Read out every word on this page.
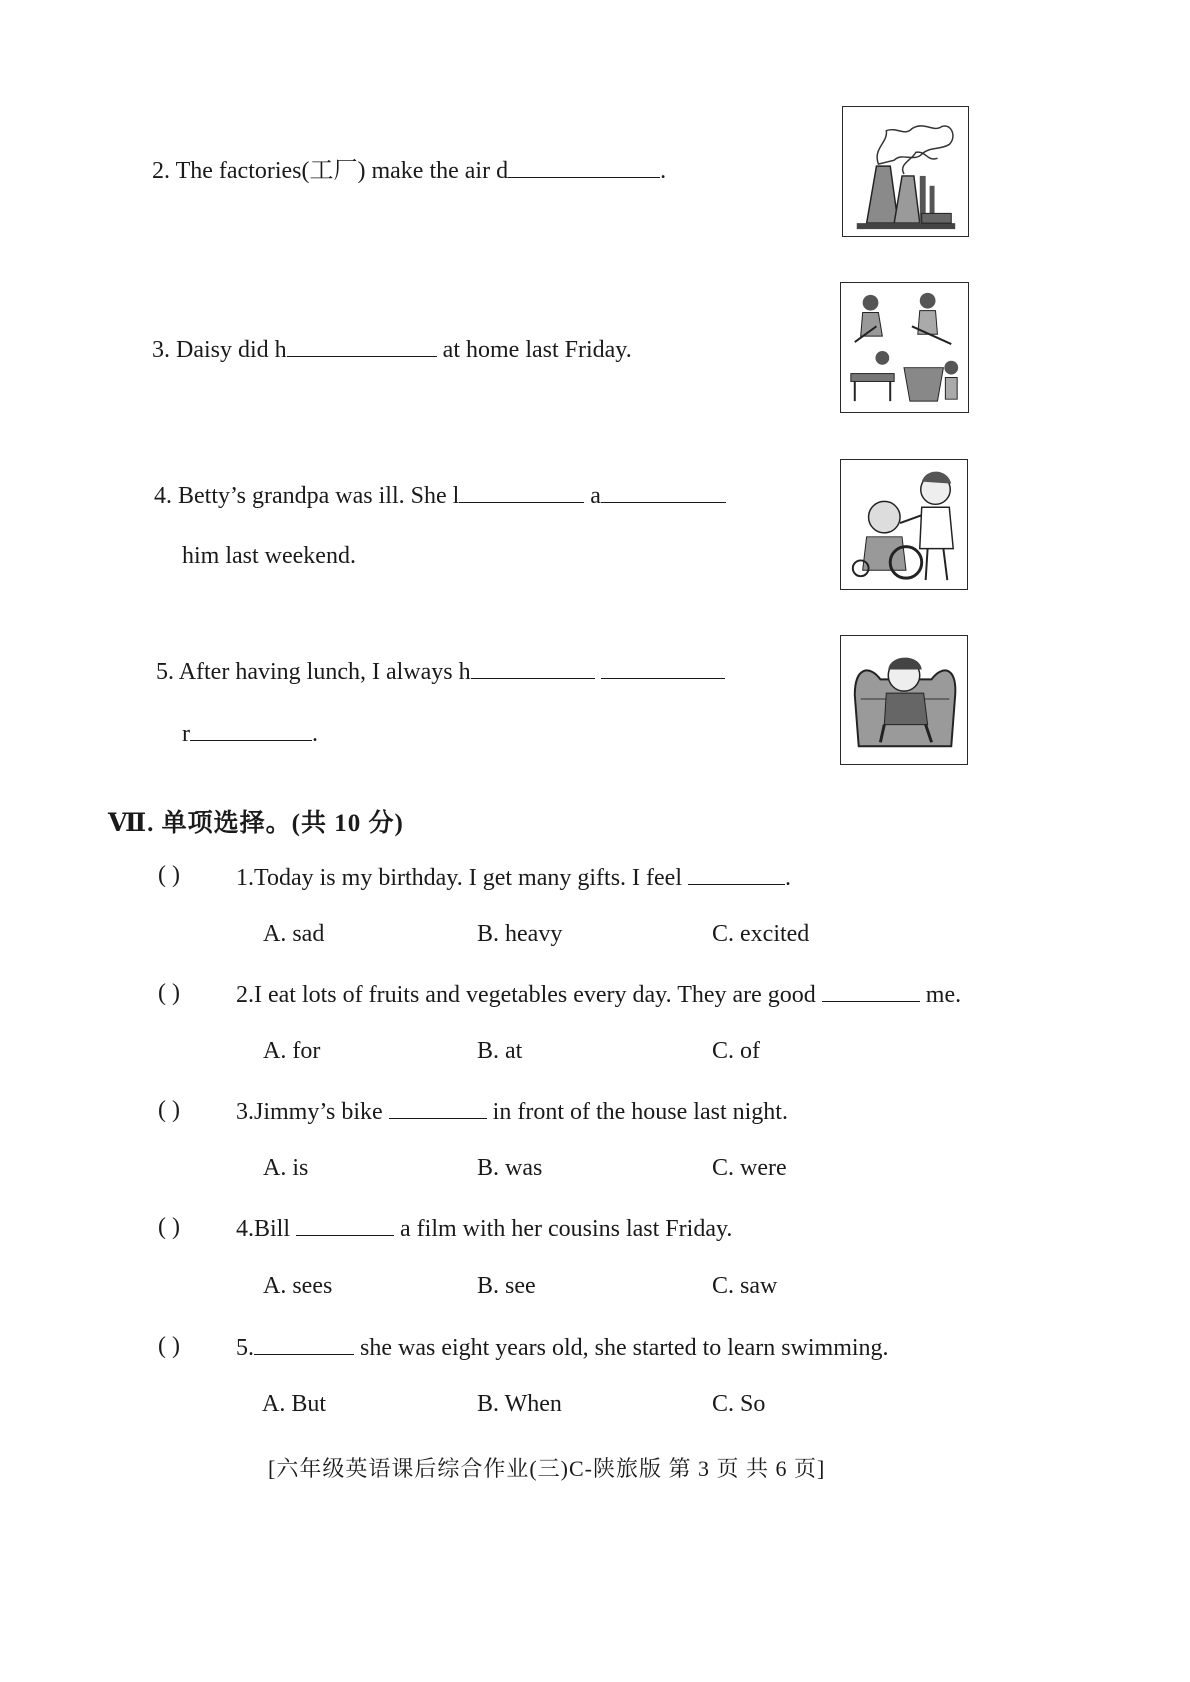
2. The factories(工厂) make the air d	.
3. Daisy did h	at home last Friday.
4. Betty’s grandpa was ill. She l	a
him last weekend.
5. After having lunch, I always h
r	.
Ⅶ. 单项选择。(共 10 分)
( ) 1.Today is my birthday. I get many gifts. I feel	.
A. sad	B. heavy	C. excited
( ) 2.I eat lots of fruits and vegetables every day. They are good	me.
A. for	B. at	C. of
( ) 3.Jimmy’s bike	in front of the house last night.
A. is	B. was	C. were
( ) 4.Bill	a film with her cousins last Friday.
A. sees	B. see	C. saw
( ) 5.	she was eight years old, she started to learn swimming.
A. But	B. When	C. So
[六年级英语课后综合作业(三)C-陕旅版 第 3 页 共 6 页]
